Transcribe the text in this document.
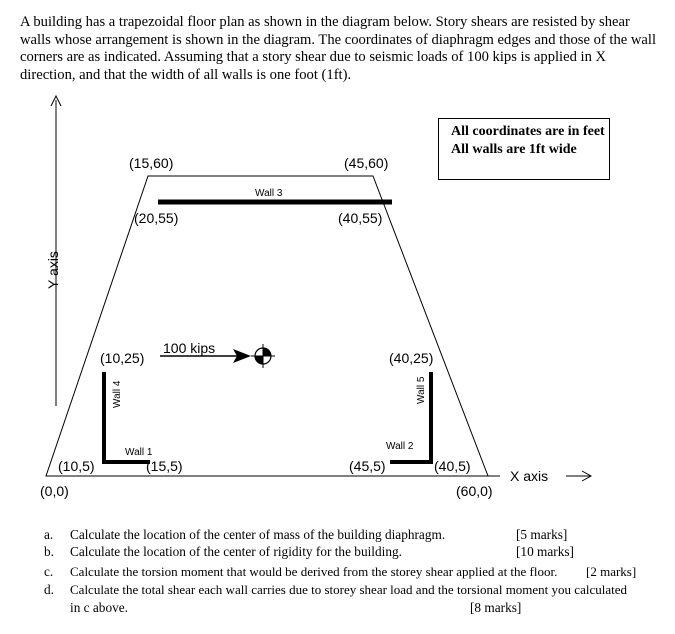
A building has a trapezoidal floor plan as shown in the diagram below. Story shears are resisted by shear walls whose arrangement is shown in the diagram. The coordinates of diaphragm edges and those of the wall corners are as indicated. Assuming that a story shear due to seismic loads of 100 kips is applied in X direction, and that the width of all walls is one foot (1ft).
Y axis
X axis
Wall 3
Wall 4
Wall 1
Wall 5
Wall 2
100 kips
(15,60)	(45,60)
(20,55)	(40,55)
(10,25)	(40,25)
(10,5)	(15,5)	(45,5)	(40,5)
(0,0)	(60,0)
All coordinates are in feet
All walls are 1ft wide
a. Calculate the location of the center of mass of the building diaphragm.	[5 marks]
b. Calculate the location of the center of rigidity for the building.	[10 marks]
c. Calculate the torsion moment that would be derived from the storey shear applied at the floor. [2 marks]
d. Calculate the total shear each wall carries due to storey shear load and the torsional moment you calculated
in c above.	[8 marks]
